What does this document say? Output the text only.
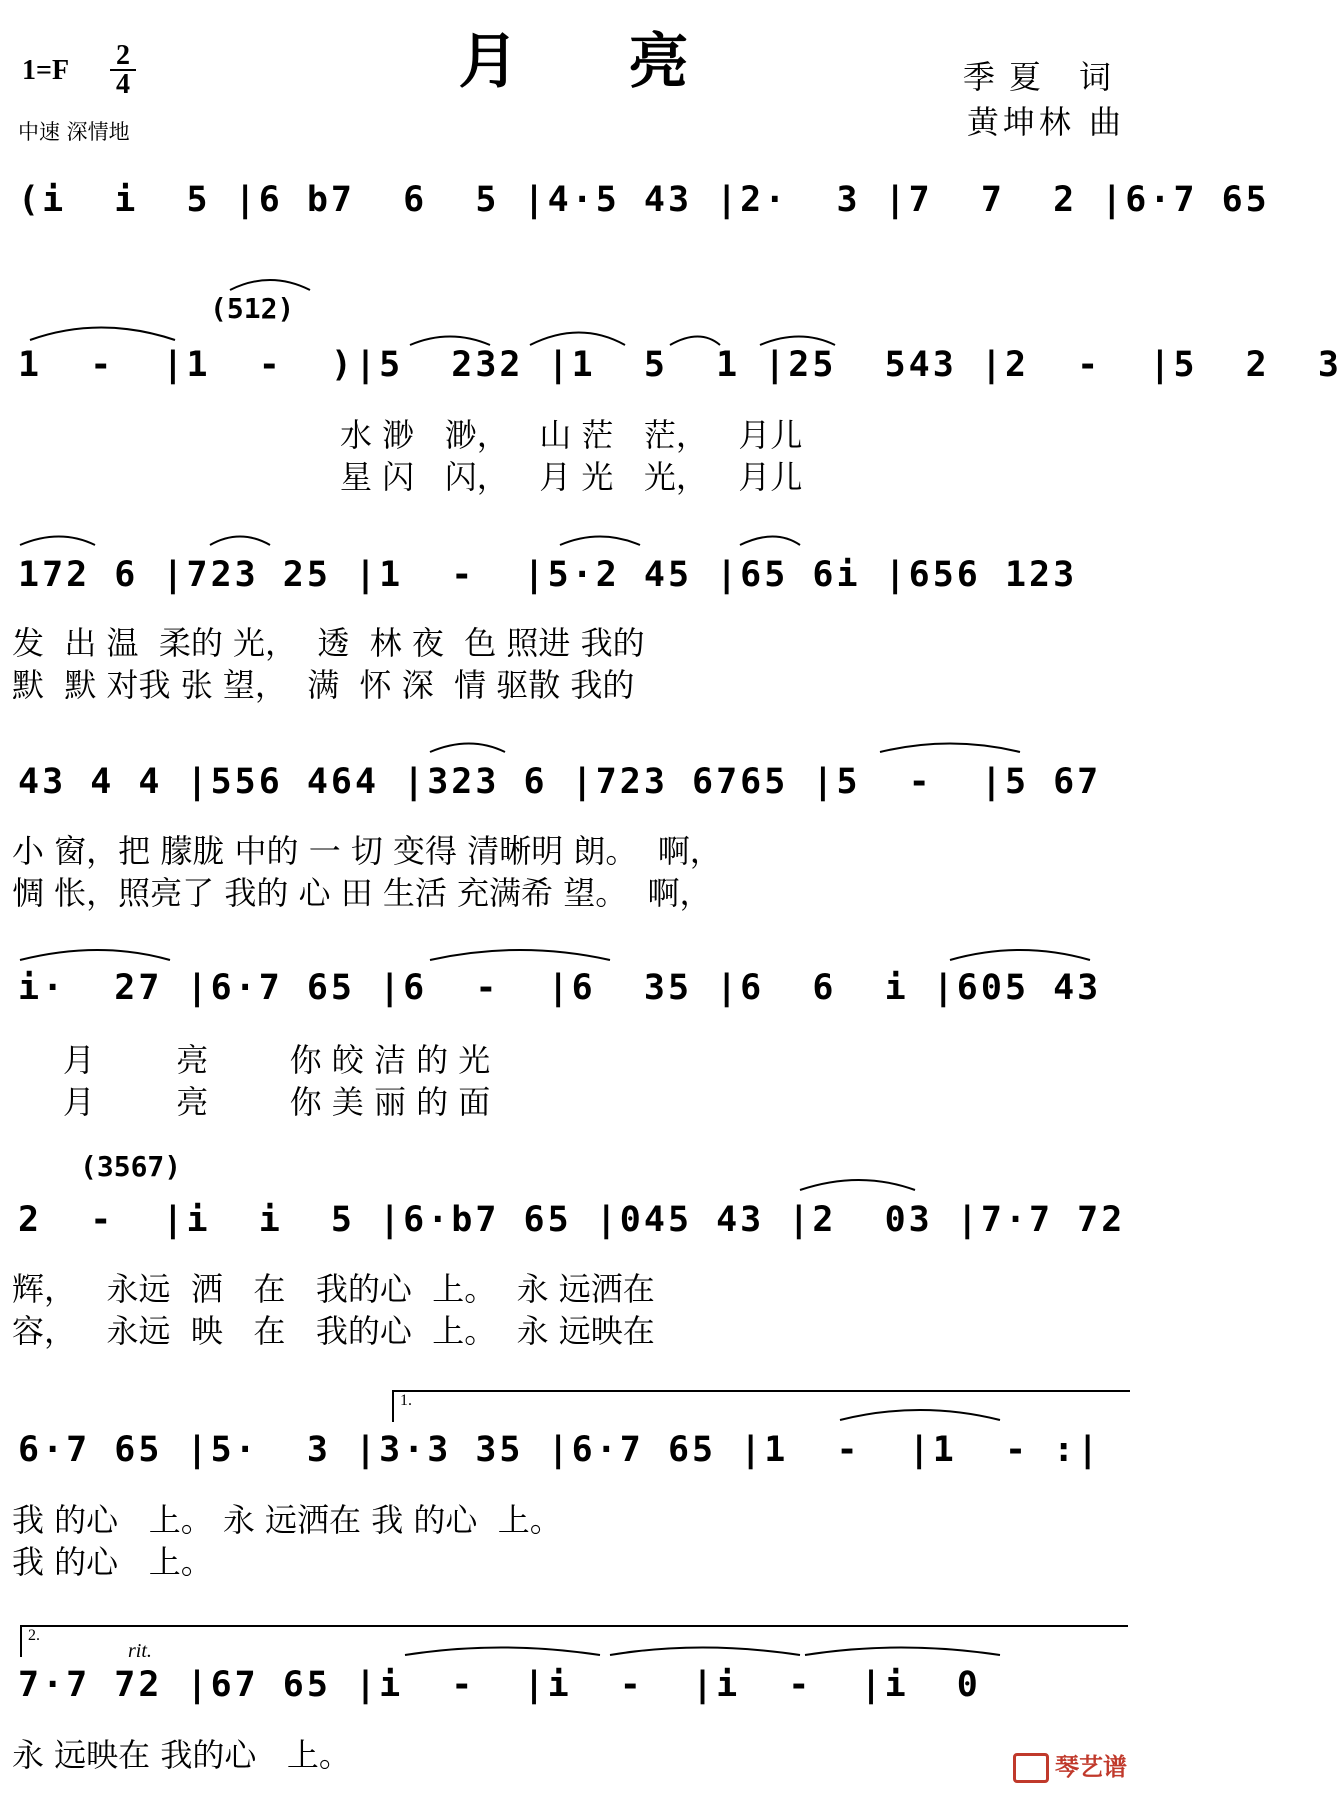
月亮
1=F 2
4
中速 深情地
季夏 词
黄坤林 曲
(i  i  5 |6 b7  6  5 |4·5 43 |2·  3 |7  7  2 |6·7 65
(512)
1  -  |1  -  )|5  232 |1  5  1 |25  543 |2  -  |5  2  3
水 渺   渺，   山 茫   茫，   月儿
星 闪   闪，   月 光   光，   月儿
172 6 |723 25 |1  -  |5·2 45 |65 6i |656 123
发  出 温  柔的 光，  透  林 夜  色 照进 我的
默  默 对我 张 望，  满  怀 深  情 驱散 我的
43 4 4 |556 464 |323 6 |723 6765 |5  -  |5 67
小 窗，把 朦胧 中的 一 切 变得 清晰明 朗。  啊，
惆 怅，照亮了 我的 心 田 生活 充满希 望。  啊，
i·  27 |6·7 65 |6  -  |6  35 |6  6  i |605 43
月        亮        你 皎 洁 的 光
月        亮        你 美 丽 的 面
(3567)
2  -  |i  i  5 |6·b7 65 |045 43 |2  03 |7·7 72
辉，   永远  洒   在   我的心  上。  永 远洒在
容，   永远  映   在   我的心  上。  永 远映在
1.
6·7 65 |5·  3 |3·3 35 |6·7 65 |1  -  |1  - :|
我 的心   上。 永 远洒在 我 的心  上。
我 的心   上。
2.
rit.
7·7 72 |67 65 |i  -  |i  -  |i  -  |i  0
永 远映在 我的心   上。	琴艺谱
